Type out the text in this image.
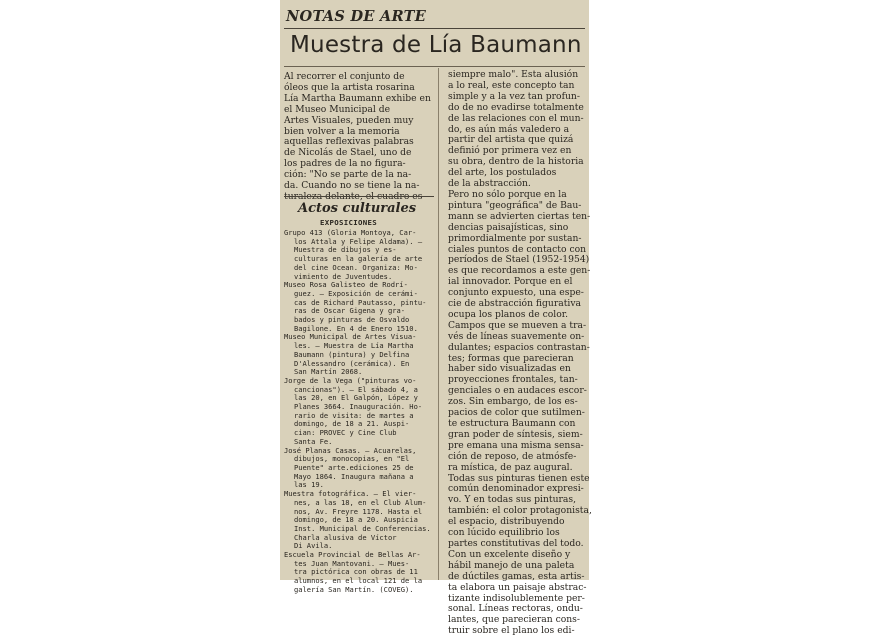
NOTAS DE ARTE
Muestra de Lía Baumann

Al recorrer el conjunto de

óleos que la artista rosarina

Lía Martha Baumann exhibe en

el Museo Municipal de

Artes Visuales, pueden muy

bien volver a la memoria

aquellas reflexivas palabras

de Nicolás de Stael, uno de

los padres de la no figura-

ción: "No se parte de la na-

da. Cuando no se tiene la na-

turaleza delante, el cuadro es

siempre malo". Esta alusión

a lo real, este concepto tan

simple y a la vez tan profun-

do de no evadirse totalmente

de las relaciones con el mun-

do, es aún más valedero a

partir del artista que quizá

definió por primera vez en

su obra, dentro de la historia

del arte, los postulados

de la abstracción.

Pero no sólo porque en la

pintura "geográfica" de Bau-

mann se advierten ciertas ten-

dencias paisajísticas, sino

primordialmente por sustan-

ciales puntos de contacto con

períodos de Stael (1952-1954)

es que recordamos a este gen-

ial innovador. Porque en el

conjunto expuesto, una espe-

cie de abstracción figurativa

ocupa los planos de color.

Campos que se mueven a tra-

vés de líneas suavemente on-

dulantes; espacios contrastan-

tes; formas que parecieran

haber sido visualizadas en

proyecciones frontales, tan-

genciales o en audaces escor-

zos. Sin embargo, de los es-

pacios de color que sutilmen-

te estructura Baumann con

gran poder de síntesis, siem-

pre emana una misma sensa-

ción de reposo, de atmósfe-

ra mística, de paz augural.

Todas sus pinturas tienen este

común denominador expresi-

vo. Y en todas sus pinturas,

también: el color protagonista,

el espacio, distribuyendo

con lúcido equilibrio los

partes constitutivas del todo.

Con un excelente diseño y

hábil manejo de una paleta

de dúctiles gamas, esta artis-

ta elabora un paisaje abstrac-

tizante indisolublemente per-

sonal. Líneas rectoras, ondu-

lantes, que parecieran cons-

truir sobre el plano los edi-

Actos culturales
EXPOSICIONES

Grupo 413 (Gloria Montoya, Car-

los Attala y Felipe Aldama). —

Muestra de dibujos y es-

culturas en la galería de arte

del cine Ocean. Organiza: Mo-

vimiento de Juventudes.

Museo Rosa Galisteo de Rodrí-

guez. — Exposición de cerámi-

cas de Richard Pautasso, pintu-

ras de Oscar Gigena y gra-

bados y pinturas de Osvaldo

Bagilone. En 4 de Enero 1510.

Museo Municipal de Artes Visua-

les. — Muestra de Lía Martha

Baumann (pintura) y Delfina

D'Alessandro (cerámica). En

San Martín 2068.

Jorge de la Vega ("pinturas vo-

cancionas"). — El sábado 4, a

las 20, en El Galpón, López y

Planes 3664. Inauguración. Ho-

rario de visita: de martes a

domingo, de 18 a 21. Auspi-

cian: PROVEC y Cine Club

Santa Fe.

José Planas Casas. — Acuarelas,

dibujos, monocopias, en "El

Puente" arte.ediciones 25 de

Mayo 1864. Inaugura mañana a

las 19.

Muestra fotográfica. — El vier-

nes, a las 18, en el Club Alum-

nos, Av. Freyre 1178. Hasta el

domingo, de 18 a 20. Auspicia

Inst. Municipal de Conferencias.

Charla alusiva de Víctor

Di Avila.

Escuela Provincial de Bellas Ar-

tes Juan Mantovani. — Mues-

tra pictórica con obras de 11

alumnos, en el local 121 de la

galería San Martín. (COVEG).
